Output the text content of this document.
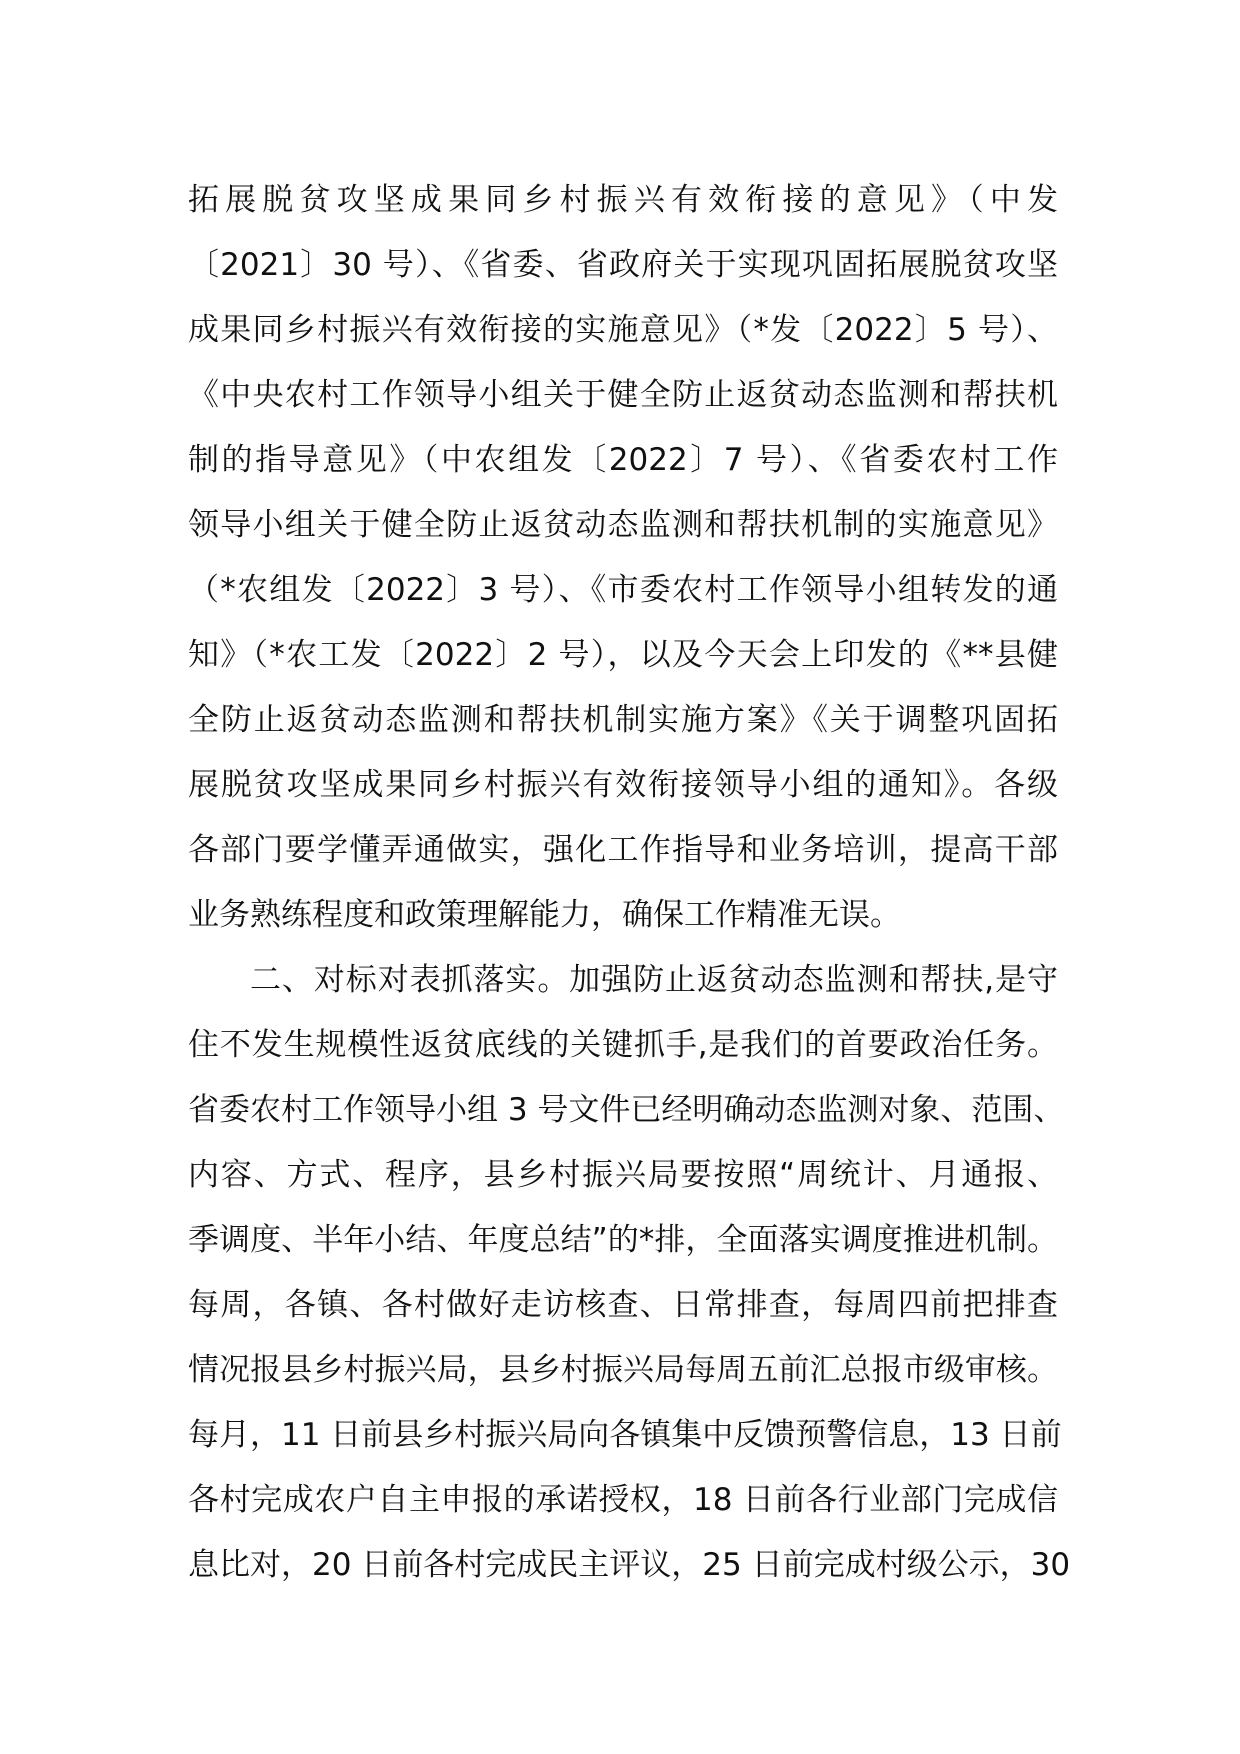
拓展脱贫攻坚成果同乡村振兴有效衔接的意见》（中发
〔2021〕30 号）、《省委、省政府关于实现巩固拓展脱贫攻坚
成果同乡村振兴有效衔接的实施意见》（*发〔2022〕5 号）、
《中央农村工作领导小组关于健全防止返贫动态监测和帮扶机
制的指导意见》（中农组发〔2022〕7 号）、《省委农村工作
领导小组关于健全防止返贫动态监测和帮扶机制的实施意见》
（*农组发〔2022〕3 号）、《市委农村工作领导小组转发的通
知》（*农工发〔2022〕2 号），以及今天会上印发的《**县健
全防止返贫动态监测和帮扶机制实施方案》《关于调整巩固拓
展脱贫攻坚成果同乡村振兴有效衔接领导小组的通知》。各级
各部门要学懂弄通做实，强化工作指导和业务培训，提高干部
业务熟练程度和政策理解能力，确保工作精准无误。
二、对标对表抓落实。加强防止返贫动态监测和帮扶,是守
住不发生规模性返贫底线的关键抓手,是我们的首要政治任务。
省委农村工作领导小组 3 号文件已经明确动态监测对象、范围、
内容、方式、程序，县乡村振兴局要按照“周统计、月通报、
季调度、半年小结、年度总结”的*排，全面落实调度推进机制。
每周，各镇、各村做好走访核查、日常排查，每周四前把排查
情况报县乡村振兴局，县乡村振兴局每周五前汇总报市级审核。
每月，11 日前县乡村振兴局向各镇集中反馈预警信息，13 日前
各村完成农户自主申报的承诺授权，18 日前各行业部门完成信
息比对，20 日前各村完成民主评议，25 日前完成村级公示，30
